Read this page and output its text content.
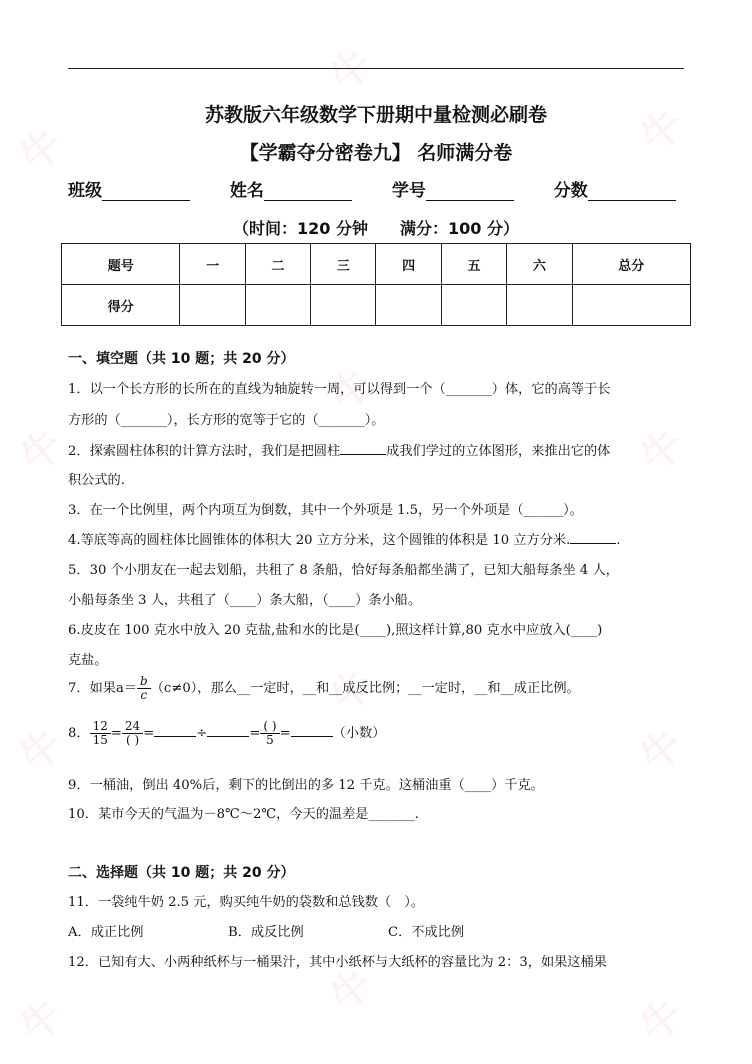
牛
牛
牛
牛
牛
牛
牛
牛
牛
牛	牛	牛
苏教版六年级数学下册期中量检测必刷卷
【学霸夺分密卷九】 名师满分卷
班级	姓名	学号	分数
（时间：120 分钟　　满分：100 分）
题号	一	二	三	四	五	六	总分
得分							
一、填空题（共 10 题；共 20 分）
1．以一个长方形的长所在的直线为轴旋转一周，可以得到一个（_______）体，它的高等于长
方形的（_______），长方形的宽等于它的（_______）。
2．探索圆柱体积的计算方法时，我们是把圆柱	成我们学过的立体图形，来推出它的体
积公式的.
3．在一个比例里，两个内项互为倒数，其中一个外项是 1.5，另一个外项是（______）。
4.等底等高的圆柱体比圆锥体的体积大 20 立方分米，这个圆锥的体积是 10 立方分米.	.
5．30 个小朋友在一起去划船，共租了 8 条船，恰好每条船都坐满了，已知大船每条坐 4 人，
小船每条坐 3 人，共租了（____）条大船，（____）条小船。
6.皮皮在 100 克水中放入 20 克盐,盐和水的比是(____),照这样计算,80 克水中应放入(____)
克盐。
7．如果$a= \frac{b}{c} (c\ne 0)$，那么__一定时，__和__成反比例；__一定时，__和__成正比例。
8． $\frac{12}{15} = \frac{24}{( )}$ =	÷	= $\frac{( )}{5}$ =	（小数）
9．一桶油，倒出 40%后，剩下的比倒出的多 12 千克。这桶油重（____）千克。
10．某市今天的气温为－8℃～2℃，今天的温差是_______.
二、选择题（共 10 题；共 20 分）
11．一袋纯牛奶 2.5 元，购买纯牛奶的袋数和总钱数（　）。
A．成正比例	B．成反比例	C．不成比例
12．已知有大、小两种纸杯与一桶果汁，其中小纸杯与大纸杯的容量比为 2：3，如果这桶果
